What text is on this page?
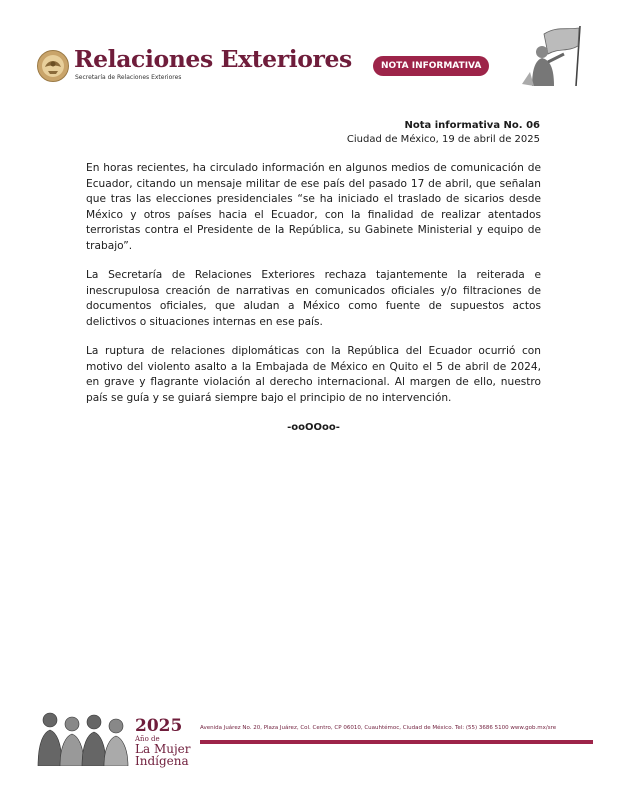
Relaciones Exteriores
Secretaría de Relaciones Exteriores
NOTA INFORMATIVA
Nota informativa No. 06
Ciudad de México, 19 de abril de 2025

En horas recientes, ha circulado información en algunos medios de comunicación de Ecuador, citando un mensaje militar de ese país del pasado 17 de abril, que señalan que tras las elecciones presidenciales “se ha iniciado el traslado de sicarios desde México y otros países hacia el Ecuador, con la finalidad de realizar atentados terroristas contra el Presidente de la República, su Gabinete Ministerial y equipo de trabajo”.

La Secretaría de Relaciones Exteriores rechaza tajantemente la reiterada e inescrupulosa creación de narrativas en comunicados oficiales y/o filtraciones de documentos oficiales, que aludan a México como fuente de supuestos actos delictivos o situaciones internas en ese país.

La ruptura de relaciones diplomáticas con la República del Ecuador ocurrió con motivo del violento asalto a la Embajada de México en Quito el 5 de abril de 2024, en grave y flagrante violación al derecho internacional. Al margen de ello, nuestro país se guía y se guiará siempre bajo el principio de no intervención.

-ooOOoo-
2025
Año de
La Mujer
Indígena
Avenida Juárez No. 20, Plaza Juárez, Col. Centro, CP 06010, Cuauhtémoc, Ciudad de México. Tel: (55) 3686 5100 www.gob.mx/sre
